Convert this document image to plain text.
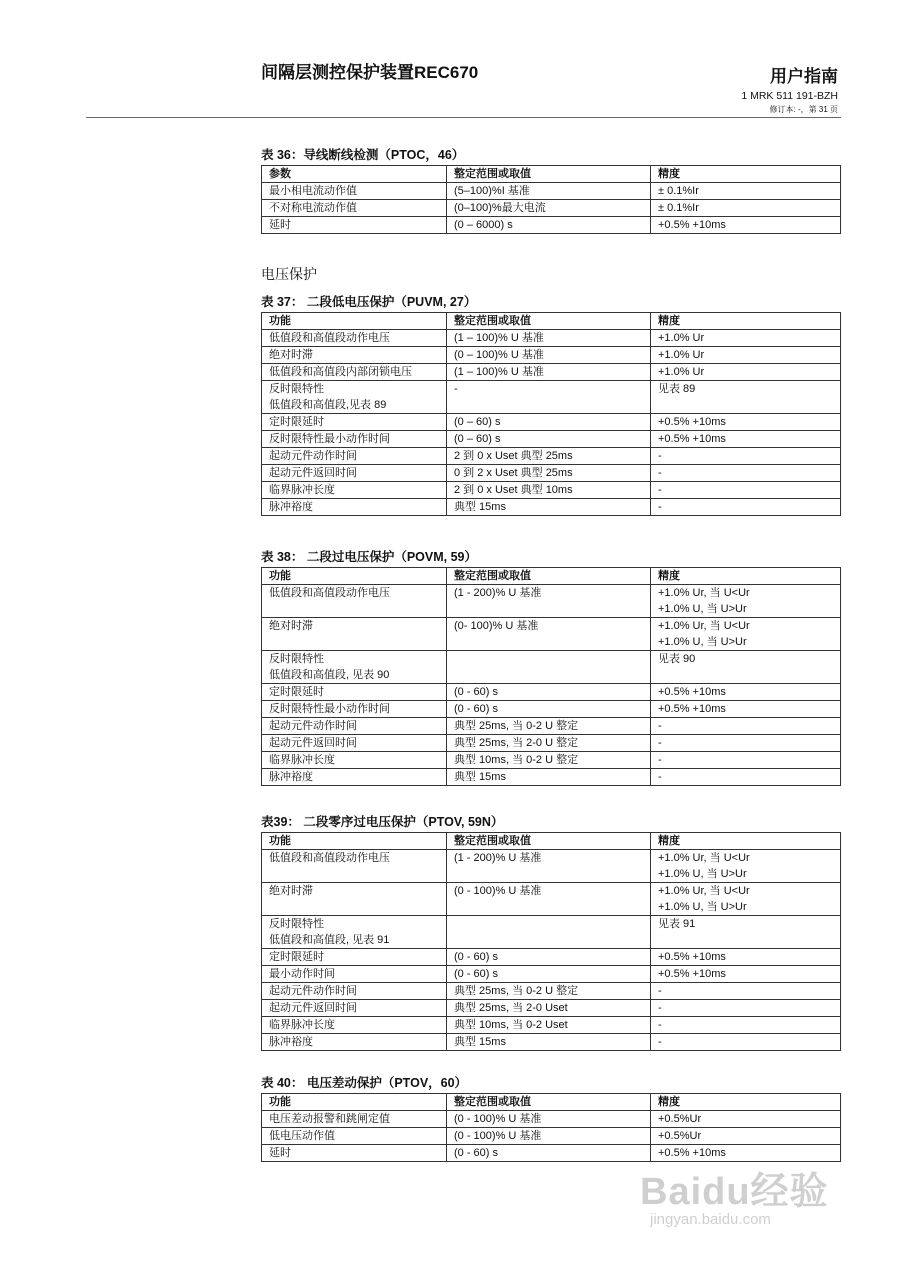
间隔层测控保护装置REC670	用户指南
1 MRK 511 191-BZH
修订本: -，第 31 页
表 36：导线断线检测（PTOC，46）
参数	整定范围或取值	精度

最小相电流动作值	(5–100)%I 基准	± 0.1%Ir

不对称电流动作值	(0–100)%最大电流	± 0.1%Ir

延时	(0 – 6000) s	+0.5% +10ms
电压保护
表 37： 二段低电压保护（PUVM, 27）
功能	整定范围或取值	精度

低值段和高值段动作电压	(1 – 100)% U 基准	+1.0% Ur

绝对时滞	(0 – 100)% U 基准	+1.0% Ur

低值段和高值段内部闭锁电压	(1 – 100)% U 基准	+1.0% Ur

反时限特性
低值段和高值段,见表 89	-	见表 89

定时限延时	(0 – 60) s	+0.5% +10ms

反时限特性最小动作时间	(0 – 60) s	+0.5% +10ms

起动元件动作时间	2 到 0 x Uset 典型 25ms	-

起动元件返回时间	0 到 2 x Uset 典型 25ms	-

临界脉冲长度	2 到 0 x Uset 典型 10ms	-

脉冲裕度	典型 15ms	-
表 38： 二段过电压保护（POVM, 59）
功能	整定范围或取值	精度

低值段和高值段动作电压	(1 - 200)% U 基准	+1.0% Ur, 当 U<Ur
+1.0% U, 当 U>Ur

绝对时滞	(0- 100)% U 基准	+1.0% Ur, 当 U<Ur
+1.0% U, 当 U>Ur

反时限特性
低值段和高值段, 见表 90		见表 90

定时限延时	(0 - 60) s	+0.5% +10ms

反时限特性最小动作时间	(0 - 60) s	+0.5% +10ms

起动元件动作时间	典型 25ms, 当 0-2 U 整定	-

起动元件返回时间	典型 25ms, 当 2-0 U 整定	-

临界脉冲长度	典型 10ms, 当 0-2 U 整定	-

脉冲裕度	典型 15ms	-
表39： 二段零序过电压保护（PTOV, 59N）
功能	整定范围或取值	精度

低值段和高值段动作电压	(1 - 200)% U 基准	+1.0% Ur, 当 U<Ur
+1.0% U, 当 U>Ur

绝对时滞	(0 - 100)% U 基准	+1.0% Ur, 当 U<Ur
+1.0% U, 当 U>Ur

反时限特性
低值段和高值段, 见表 91		见表 91

定时限延时	(0 - 60) s	+0.5% +10ms

最小动作时间	(0 - 60) s	+0.5% +10ms

起动元件动作时间	典型 25ms, 当 0-2 U 整定	-

起动元件返回时间	典型 25ms, 当 2-0 Uset	-

临界脉冲长度	典型 10ms, 当 0-2 Uset	-

脉冲裕度	典型 15ms	-
表 40： 电压差动保护（PTOV，60）
功能	整定范围或取值	精度

电压差动报警和跳闸定值	(0 - 100)% U 基准	+0.5%Ur

低电压动作值	(0 - 100)% U 基准	+0.5%Ur

延时	(0 - 60) s	+0.5% +10ms
Baidu经验
jingyan.baidu.com
